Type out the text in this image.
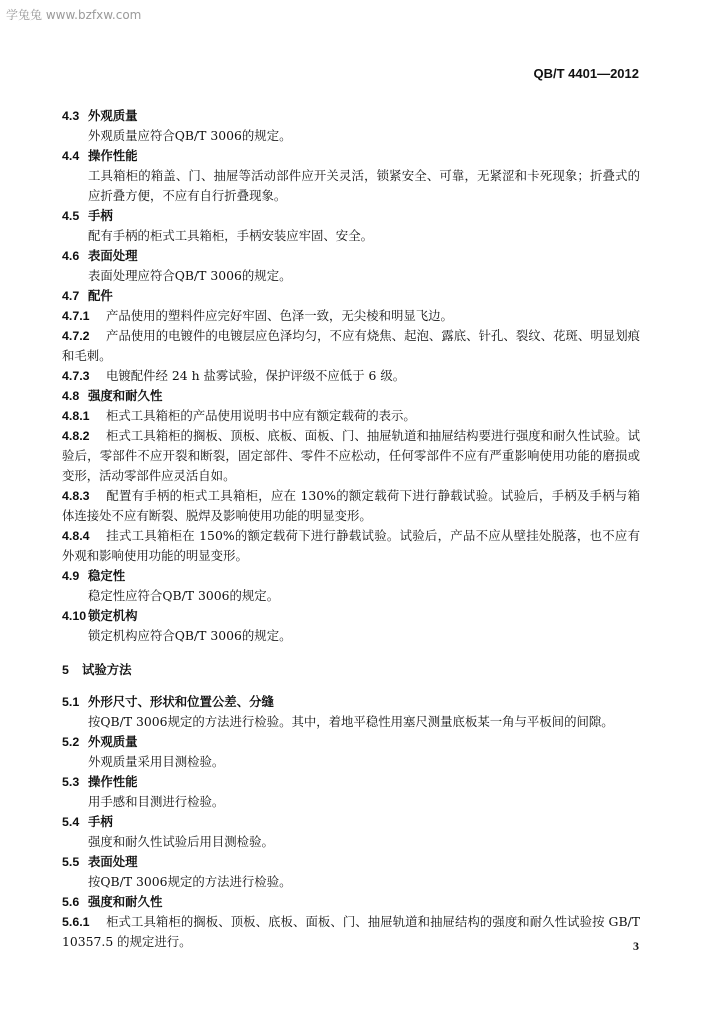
学兔兔 www.bzfxw.com
QB/T 4401—2012
4.3 外观质量
外观质量应符合QB/T 3006的规定。
4.4 操作性能
工具箱柜的箱盖、门、抽屉等活动部件应开关灵活，锁紧安全、可靠，无紧涩和卡死现象；折叠式的应折叠方便，不应有自行折叠现象。
4.5 手柄
配有手柄的柜式工具箱柜，手柄安装应牢固、安全。
4.6 表面处理
表面处理应符合QB/T 3006的规定。
4.7 配件
4.7.1 产品使用的塑料件应完好牢固、色泽一致，无尖棱和明显飞边。
4.7.2 产品使用的电镀件的电镀层应色泽均匀，不应有烧焦、起泡、露底、针孔、裂纹、花斑、明显划痕和毛刺。
4.7.3 电镀配件经 24 h 盐雾试验，保护评级不应低于 6 级。
4.8 强度和耐久性
4.8.1 柜式工具箱柜的产品使用说明书中应有额定载荷的表示。
4.8.2 柜式工具箱柜的搁板、顶板、底板、面板、门、抽屉轨道和抽屉结构要进行强度和耐久性试验。试验后，零部件不应开裂和断裂，固定部件、零件不应松动，任何零部件不应有严重影响使用功能的磨损或变形，活动零部件应灵活自如。
4.8.3 配置有手柄的柜式工具箱柜，应在 130%的额定载荷下进行静载试验。试验后，手柄及手柄与箱体连接处不应有断裂、脱焊及影响使用功能的明显变形。
4.8.4 挂式工具箱柜在 150%的额定载荷下进行静载试验。试验后，产品不应从壁挂处脱落，也不应有外观和影响使用功能的明显变形。
4.9 稳定性
稳定性应符合QB/T 3006的规定。
4.10 锁定机构
锁定机构应符合QB/T 3006的规定。
5 试验方法
5.1 外形尺寸、形状和位置公差、分缝
按QB/T 3006规定的方法进行检验。其中，着地平稳性用塞尺测量底板某一角与平板间的间隙。
5.2 外观质量
外观质量采用目测检验。
5.3 操作性能
用手感和目测进行检验。
5.4 手柄
强度和耐久性试验后用目测检验。
5.5 表面处理
按QB/T 3006规定的方法进行检验。
5.6 强度和耐久性
5.6.1 柜式工具箱柜的搁板、顶板、底板、面板、门、抽屉轨道和抽屉结构的强度和耐久性试验按 GB/T 10357.5 的规定进行。	3
